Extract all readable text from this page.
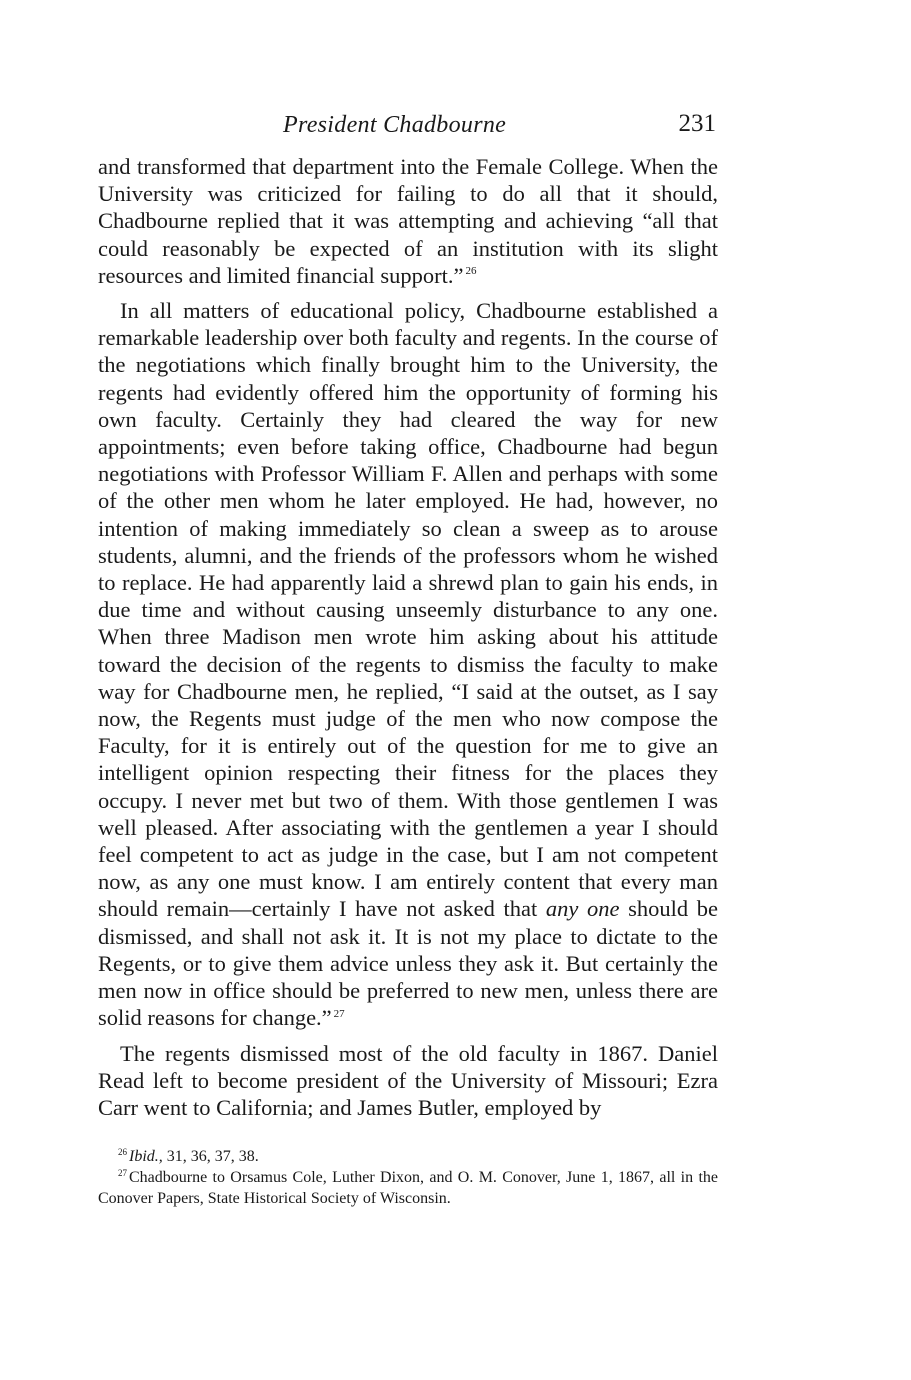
President Chadbourne	231

and transformed that department into the Female College. When the University was criticized for failing to do all that it should, Chadbourne replied that it was attempting and achieving “all that could reasonably be expected of an institution with its slight resources and limited financial support.” $^{26}$

In all matters of educational policy, Chadbourne established a remarkable leadership over both faculty and regents. In the course of the negotiations which finally brought him to the University, the regents had evidently offered him the opportunity of forming his own faculty. Certainly they had cleared the way for new appointments; even before taking office, Chadbourne had begun negotiations with Professor William F. Allen and perhaps with some of the other men whom he later employed. He had, however, no intention of making immediately so clean a sweep as to arouse students, alumni, and the friends of the professors whom he wished to replace. He had apparently laid a shrewd plan to gain his ends, in due time and without causing unseemly disturbance to any one. When three Madison men wrote him asking about his attitude toward the decision of the regents to dismiss the faculty to make way for Chadbourne men, he replied, “I said at the outset, as I say now, the Regents must judge of the men who now compose the Faculty, for it is entirely out of the question for me to give an intelligent opinion respecting their fitness for the places they occupy. I never met but two of them. With those gentlemen I was well pleased. After associating with the gentlemen a year I should feel competent to act as judge in the case, but I am not competent now, as any one must know. I am entirely content that every man should remain—certainly I have not asked that any one should be dismissed, and shall not ask it. It is not my place to dictate to the Regents, or to give them advice unless they ask it. But certainly the men now in office should be preferred to new men, unless there are solid reasons for change.” $^{27}$

The regents dismissed most of the old faculty in 1867. Daniel Read left to become president of the University of Missouri; Ezra Carr went to California; and James Butler, employed by

$^{26}$ Ibid., 31, 36, 37, 38.

$^{27}$ Chadbourne to Orsamus Cole, Luther Dixon, and O. M. Conover, June 1, 1867, all in the Conover Papers, State Historical Society of Wisconsin.
